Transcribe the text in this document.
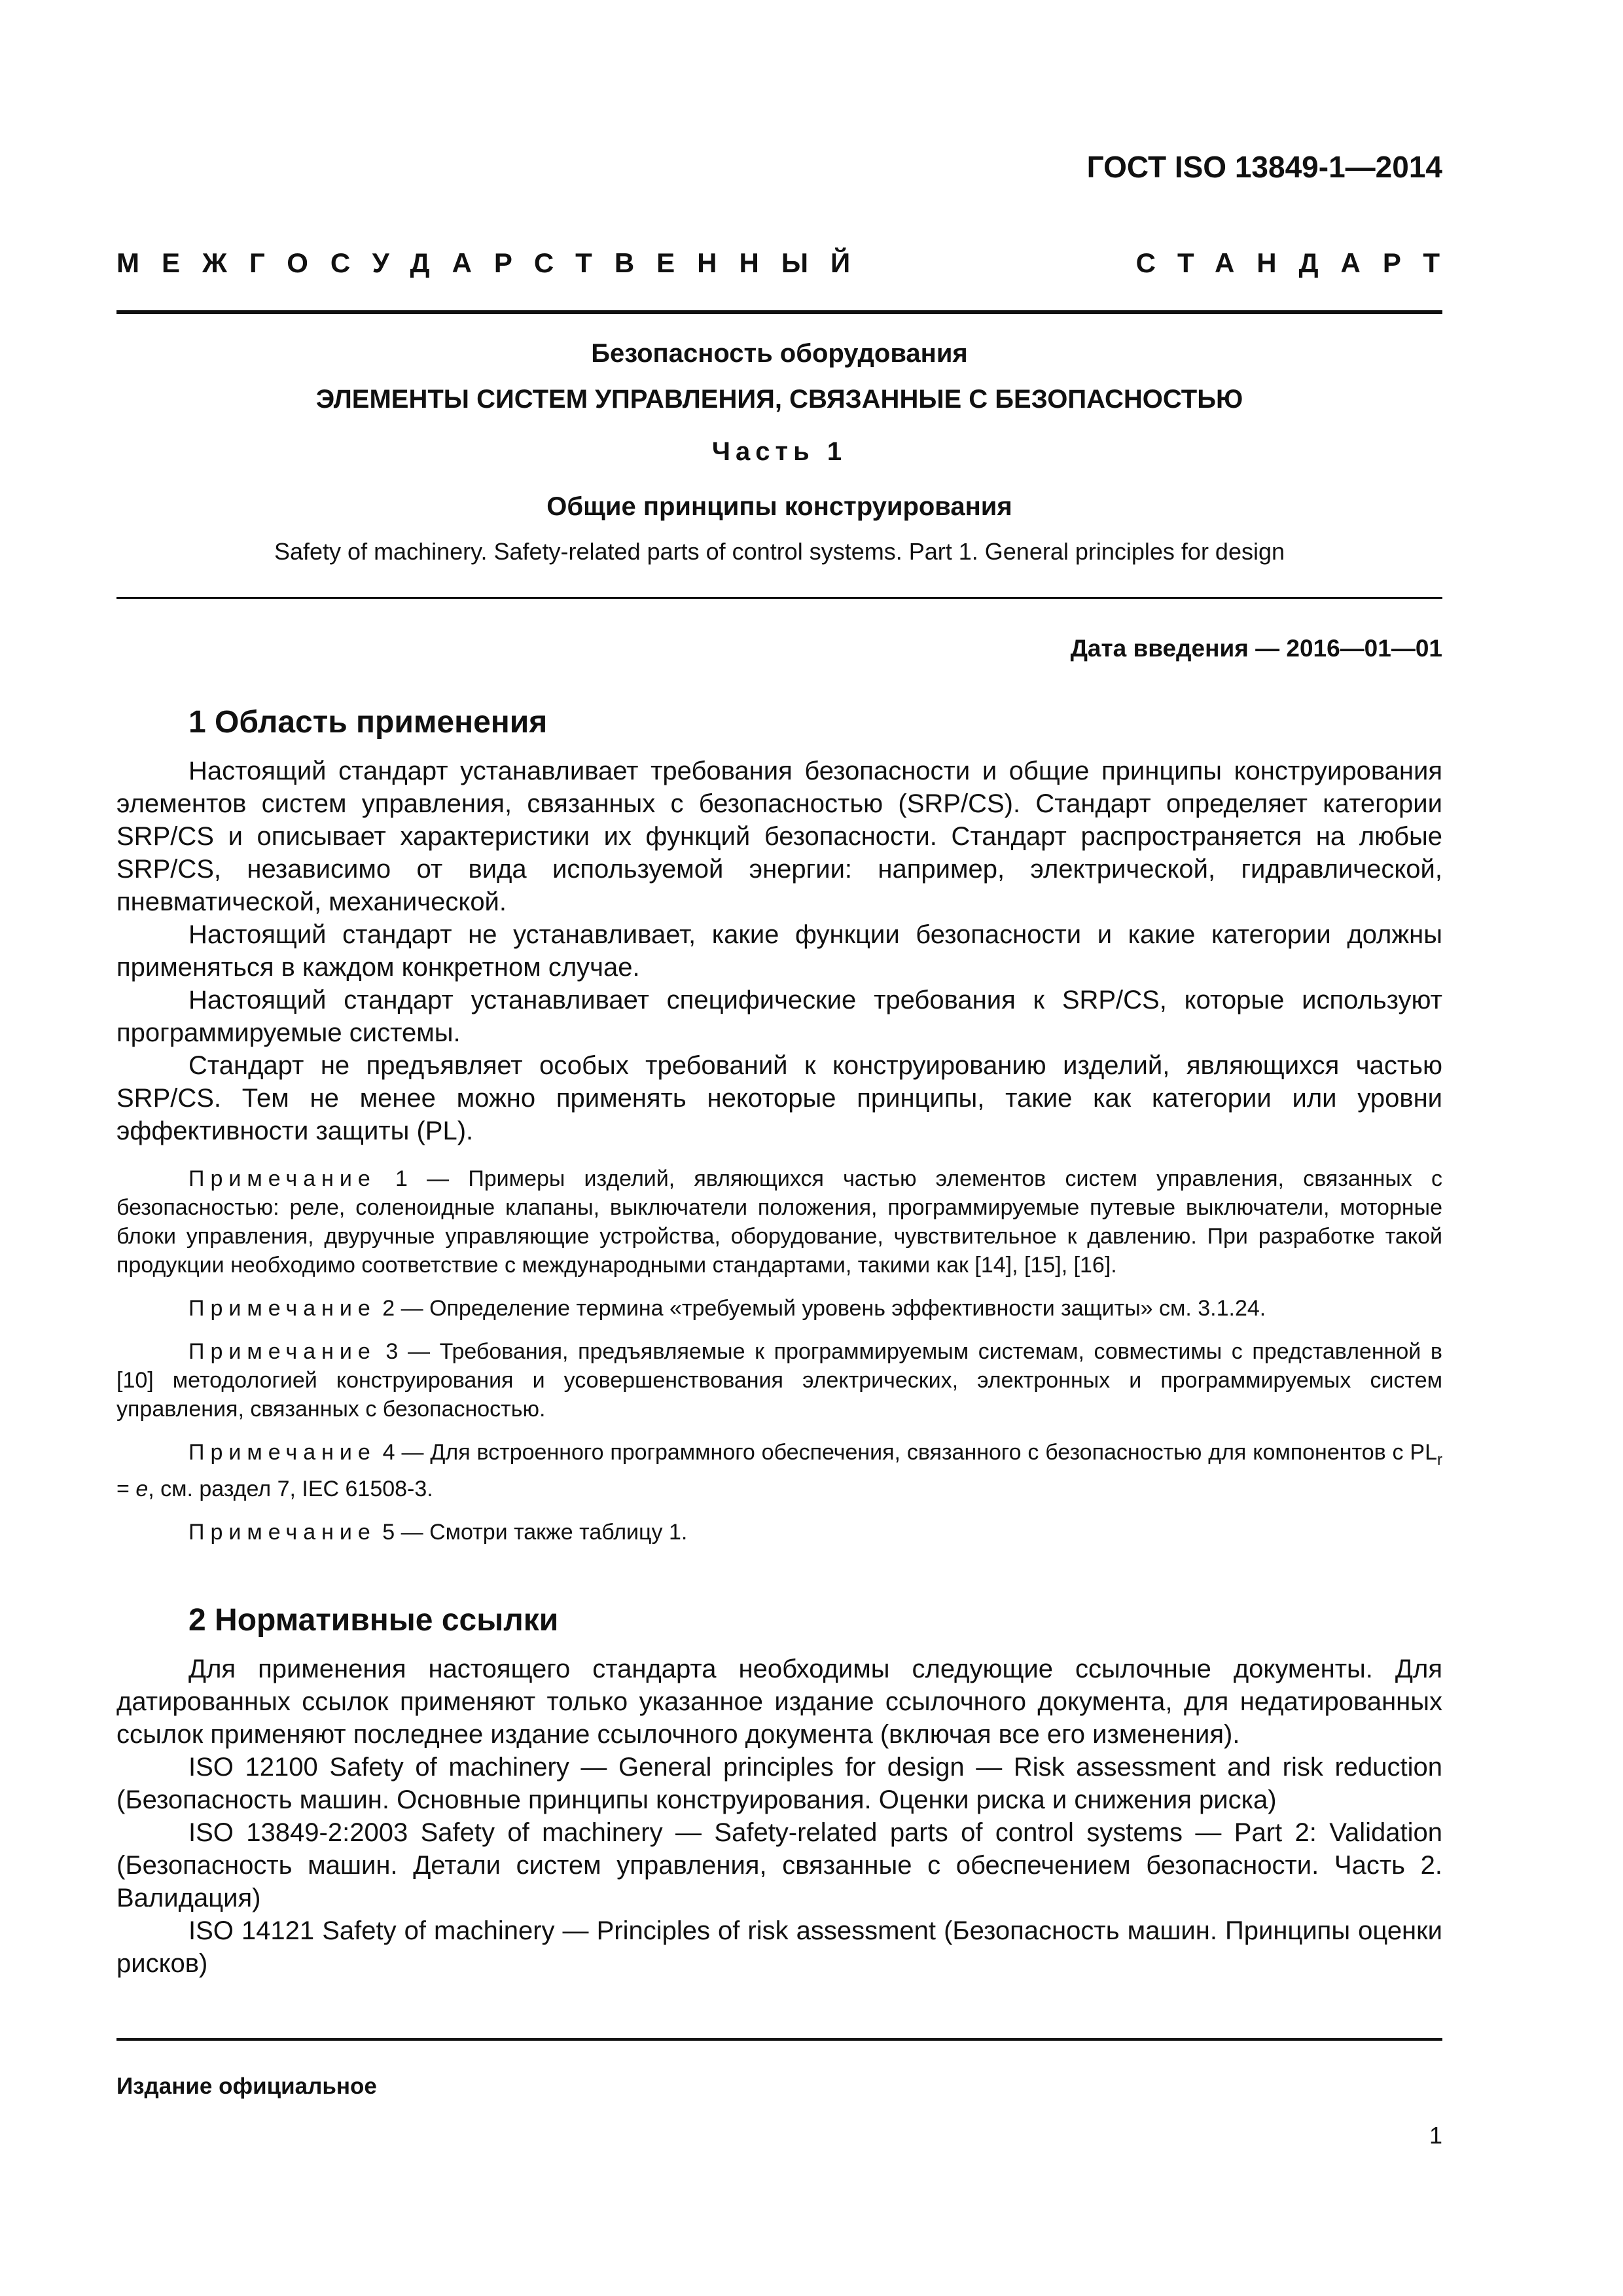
ГОСТ ISO 13849-1—2014
МЕЖГОСУДАРСТВЕННЫЙ СТАНДАРТ
Безопасность оборудования
ЭЛЕМЕНТЫ СИСТЕМ УПРАВЛЕНИЯ, СВЯЗАННЫЕ С БЕЗОПАСНОСТЬЮ
Часть 1
Общие принципы конструирования
Safety of machinery. Safety-related parts of control systems. Part 1. General principles for design
Дата введения — 2016—01—01
1 Область применения

Настоящий стандарт устанавливает требования безопасности и общие принципы конструирования элементов систем управления, связанных с безопасностью (SRP/CS). Стандарт определяет категории SRP/CS и описывает характеристики их функций безопасности. Стандарт распространяется на любые SRP/CS, независимо от вида используемой энергии: например, электрической, гидравлической, пневматической, механической.

Настоящий стандарт не устанавливает, какие функции безопасности и какие категории должны применяться в каждом конкретном случае.

Настоящий стандарт устанавливает специфические требования к SRP/CS, которые используют программируемые системы.

Стандарт не предъявляет особых требований к конструированию изделий, являющихся частью SRP/CS. Тем не менее можно применять некоторые принципы, такие как категории или уровни эффективности защиты (PL).

Примечание 1 — Примеры изделий, являющихся частью элементов систем управления, связанных с безопасностью: реле, соленоидные клапаны, выключатели положения, программируемые путевые выключатели, моторные блоки управления, двуручные управляющие устройства, оборудование, чувствительное к давлению. При разработке такой продукции необходимо соответствие с международными стандартами, такими как [14], [15], [16].

Примечание 2 — Определение термина «требуемый уровень эффективности защиты» см. 3.1.24.

Примечание 3 — Требования, предъявляемые к программируемым системам, совместимы с представленной в [10] методологией конструирования и усовершенствования электрических, электронных и программируемых систем управления, связанных с безопасностью.

Примечание 4 — Для встроенного программного обеспечения, связанного с безопасностью для компонентов с $PL_r = e$, см. раздел 7, IEC 61508-3.

Примечание 5 — Смотри также таблицу 1.

2 Нормативные ссылки

Для применения настоящего стандарта необходимы следующие ссылочные документы. Для датированных ссылок применяют только указанное издание ссылочного документа, для недатированных ссылок применяют последнее издание ссылочного документа (включая все его изменения).

ISO 12100 Safety of machinery — General principles for design — Risk assessment and risk reduction (Безопасность машин. Основные принципы конструирования. Оценки риска и снижения риска)

ISO 13849-2:2003 Safety of machinery — Safety-related parts of control systems — Part 2: Validation (Безопасность машин. Детали систем управления, связанные с обеспечением безопасности. Часть 2. Валидация)

ISO 14121 Safety of machinery — Principles of risk assessment (Безопасность машин. Принципы оценки рисков)

Издание официальное
1
